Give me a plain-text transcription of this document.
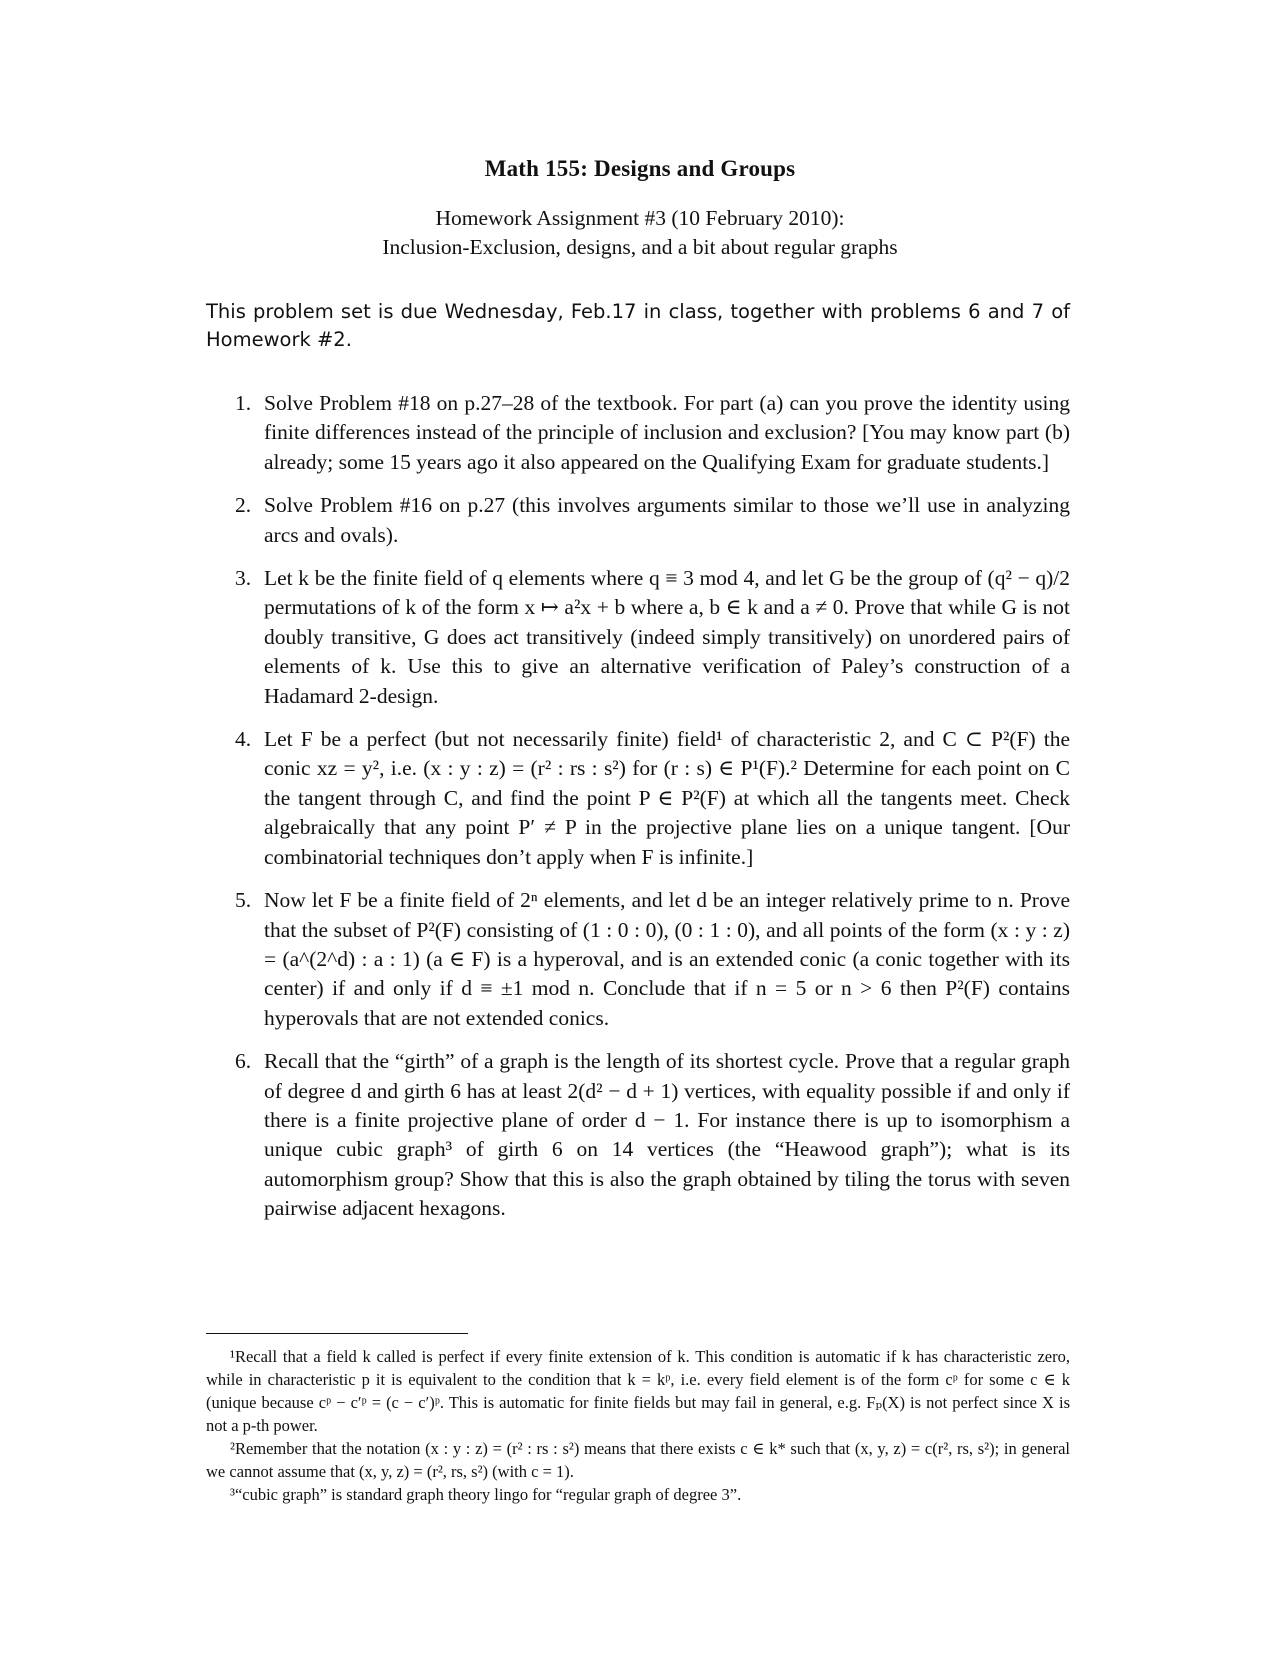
Math 155: Designs and Groups
Homework Assignment #3 (10 February 2010):
Inclusion-Exclusion, designs, and a bit about regular graphs
This problem set is due Wednesday, Feb.17 in class, together with problems 6 and 7 of Homework #2.
1. Solve Problem #18 on p.27–28 of the textbook. For part (a) can you prove the identity using finite differences instead of the principle of inclusion and exclusion? [You may know part (b) already; some 15 years ago it also appeared on the Qualifying Exam for graduate students.]
2. Solve Problem #16 on p.27 (this involves arguments similar to those we’ll use in analyzing arcs and ovals).
3. Let k be the finite field of q elements where q ≡ 3 mod 4, and let G be the group of (q² − q)/2 permutations of k of the form x ↦ a²x + b where a, b ∈ k and a ≠ 0. Prove that while G is not doubly transitive, G does act transitively (indeed simply transitively) on unordered pairs of elements of k. Use this to give an alternative verification of Paley’s construction of a Hadamard 2-design.
4. Let F be a perfect (but not necessarily finite) field¹ of characteristic 2, and C ⊂ P²(F) the conic xz = y², i.e. (x : y : z) = (r² : rs : s²) for (r : s) ∈ P¹(F).² Determine for each point on C the tangent through C, and find the point P ∈ P²(F) at which all the tangents meet. Check algebraically that any point P′ ≠ P in the projective plane lies on a unique tangent. [Our combinatorial techniques don’t apply when F is infinite.]
5. Now let F be a finite field of 2ⁿ elements, and let d be an integer relatively prime to n. Prove that the subset of P²(F) consisting of (1 : 0 : 0), (0 : 1 : 0), and all points of the form (x : y : z) = (a^(2^d) : a : 1) (a ∈ F) is a hyperoval, and is an extended conic (a conic together with its center) if and only if d ≡ ±1 mod n. Conclude that if n = 5 or n > 6 then P²(F) contains hyperovals that are not extended conics.
6. Recall that the “girth” of a graph is the length of its shortest cycle. Prove that a regular graph of degree d and girth 6 has at least 2(d² − d + 1) vertices, with equality possible if and only if there is a finite projective plane of order d − 1. For instance there is up to isomorphism a unique cubic graph³ of girth 6 on 14 vertices (the “Heawood graph”); what is its automorphism group? Show that this is also the graph obtained by tiling the torus with seven pairwise adjacent hexagons.
¹Recall that a field k called is perfect if every finite extension of k. This condition is automatic if k has characteristic zero, while in characteristic p it is equivalent to the condition that k = kᵖ, i.e. every field element is of the form cᵖ for some c ∈ k (unique because cᵖ − c′ᵖ = (c − c′)ᵖ. This is automatic for finite fields but may fail in general, e.g. Fₚ(X) is not perfect since X is not a p-th power.
²Remember that the notation (x : y : z) = (r² : rs : s²) means that there exists c ∈ k* such that (x, y, z) = c(r², rs, s²); in general we cannot assume that (x, y, z) = (r², rs, s²) (with c = 1).
³“cubic graph” is standard graph theory lingo for “regular graph of degree 3”.
